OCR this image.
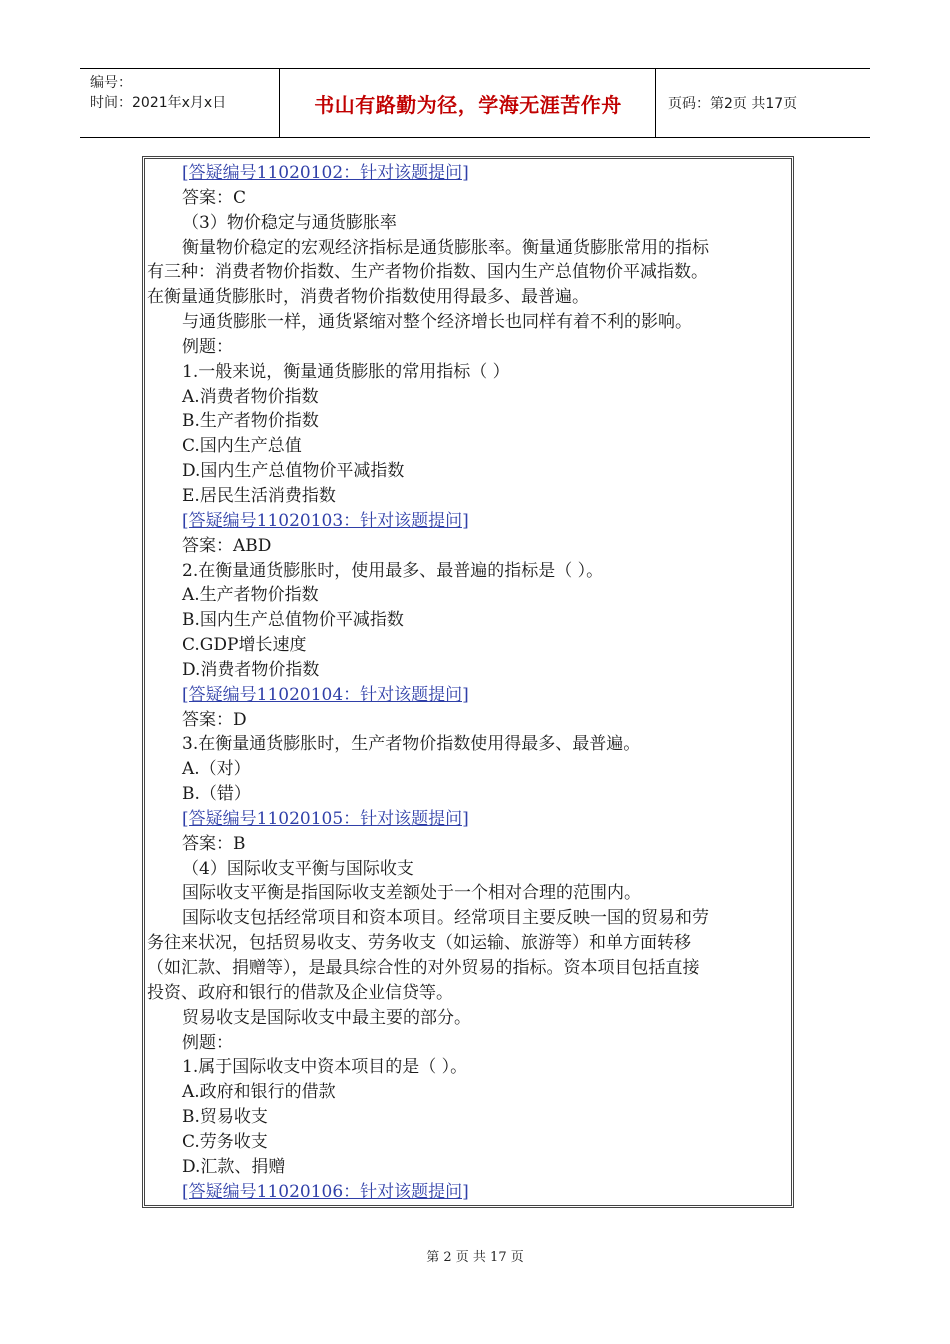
编号：
时间：2021年x月x日	书山有路勤为径，学海无涯苦作舟	页码：第2页 共17页
[答疑编号11020102：针对该题提问]
答案：C
（3）物价稳定与通货膨胀率
衡量物价稳定的宏观经济指标是通货膨胀率。衡量通货膨胀常用的指标
有三种：消费者物价指数、生产者物价指数、国内生产总值物价平减指数。
在衡量通货膨胀时，消费者物价指数使用得最多、最普遍。
与通货膨胀一样，通货紧缩对整个经济增长也同样有着不利的影响。
例题：
1.一般来说，衡量通货膨胀的常用指标（ ）
A.消费者物价指数
B.生产者物价指数
C.国内生产总值
D.国内生产总值物价平减指数
E.居民生活消费指数
[答疑编号11020103：针对该题提问]
答案：ABD
2.在衡量通货膨胀时，使用最多、最普遍的指标是（ ）。
A.生产者物价指数
B.国内生产总值物价平减指数
C.GDP增长速度
D.消费者物价指数
[答疑编号11020104：针对该题提问]
答案：D
3.在衡量通货膨胀时，生产者物价指数使用得最多、最普遍。
A.（对）
B.（错）
[答疑编号11020105：针对该题提问]
答案：B
（4）国际收支平衡与国际收支
国际收支平衡是指国际收支差额处于一个相对合理的范围内。
国际收支包括经常项目和资本项目。经常项目主要反映一国的贸易和劳
务往来状况，包括贸易收支、劳务收支（如运输、旅游等）和单方面转移
（如汇款、捐赠等），是最具综合性的对外贸易的指标。资本项目包括直接
投资、政府和银行的借款及企业信贷等。
贸易收支是国际收支中最主要的部分。
例题：
1.属于国际收支中资本项目的是（ ）。
A.政府和银行的借款
B.贸易收支
C.劳务收支
D.汇款、捐赠
[答疑编号11020106：针对该题提问]
第 2 页 共 17 页
